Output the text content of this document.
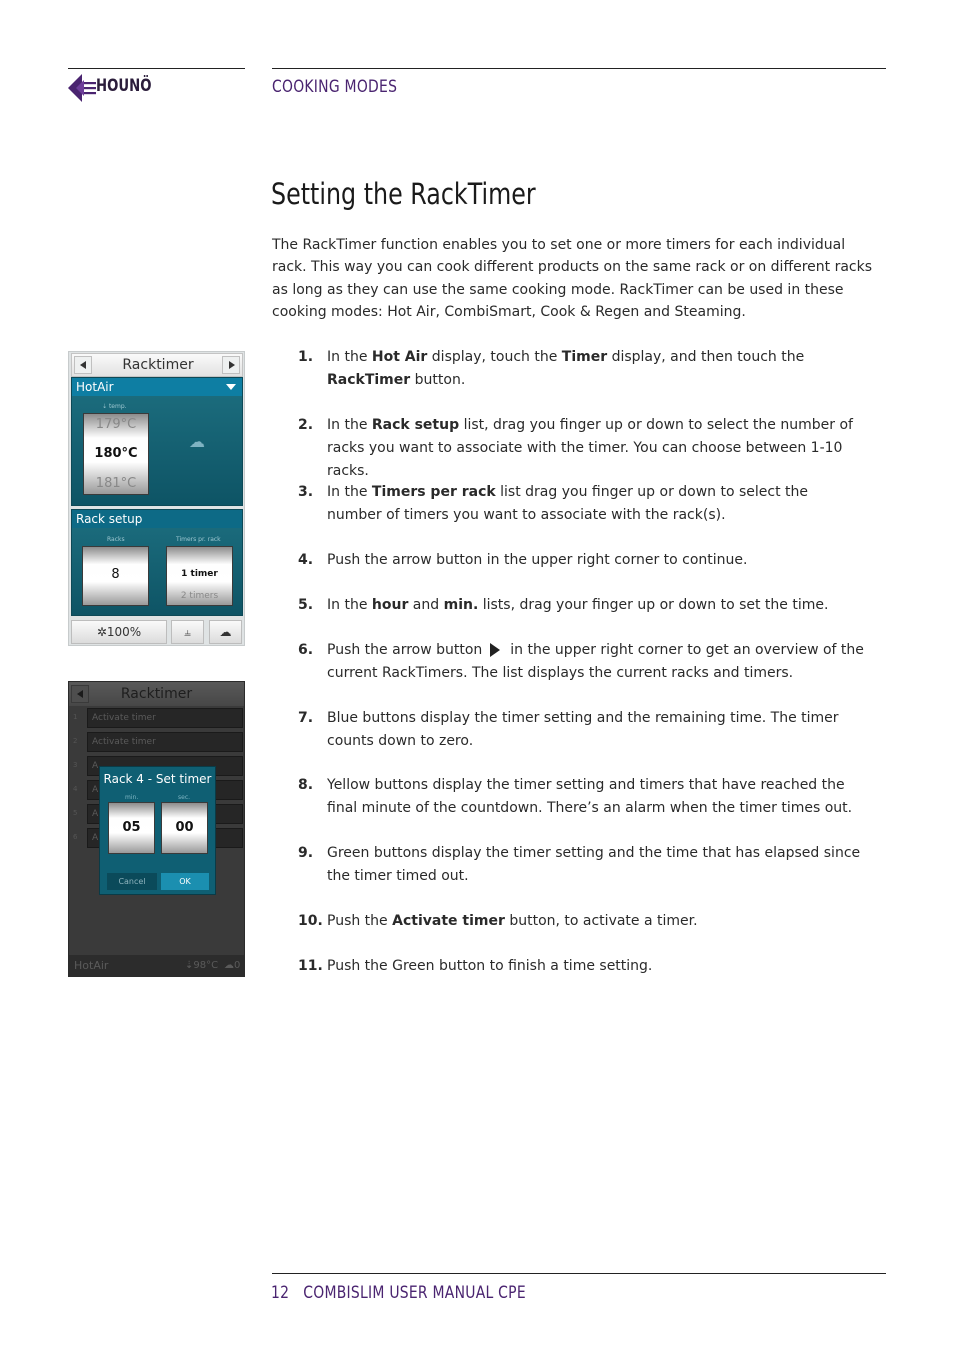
HOUNÖ	COOKING MODES
Setting the RackTimer
The RackTimer function enables you to set one or more timers for each individual rack. This way you can cook different products on the same rack or on different racks as long as they can use the same cooking mode. RackTimer can be used in these cooking modes: Hot Air, CombiSmart, Cook & Regen and Steaming.
1. In the Hot Air display, touch the Timer display, and then touch the RackTimer button.
2. In the Rack setup list, drag you finger up or down to select the number of racks you want to associate with the timer. You can choose between 1-10 racks.
3. In the Timers per rack list drag you finger up or down to select the number of timers you want to associate with the rack(s).
4. Push the arrow button in the upper right corner to continue.
5. In the hour and min. lists, drag your finger up or down to set the time.
6. Push the arrow button in the upper right corner to get an overview of the current RackTimers. The list displays the current racks and timers.
7. Blue buttons display the timer setting and the remaining time. The timer counts down to zero.
8. Yellow buttons display the timer setting and timers that have reached the final minute of the countdown. There’s an alarm when the timer times out.
9. Green buttons display the timer setting and the time that has elapsed since the timer timed out.
10. Push the Activate timer button, to activate a timer.
11. Push the Green button to finish a time setting.
Racktimer
HotAir
⇣ temp.
179°C
180°C
181°C
☁
Rack setup
Racks	Timers pr. rack
8	1 timer
2 timers
✲100%	⫨	☁
Racktimer
1	Activate timer
2	Activate timer
3	A
4	A
5	A
6	A
Rack 4 - Set timer
min.	sec.
05	00
Cancel	OK
HotAir	⇣98°C ☁0
12 COMBISLIM USER MANUAL CPE
